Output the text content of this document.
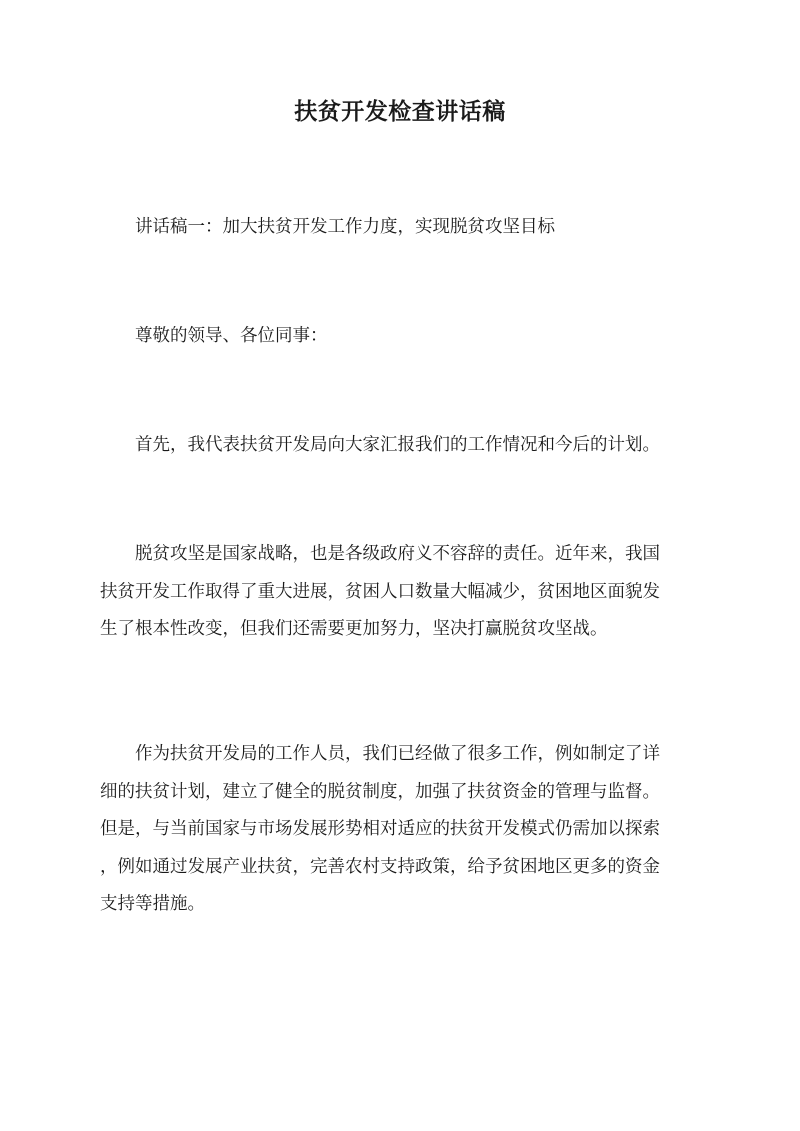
扶贫开发检查讲话稿

讲话稿一：加大扶贫开发工作力度，实现脱贫攻坚目标

尊敬的领导、各位同事：

首先，我代表扶贫开发局向大家汇报我们的工作情况和今后的计划。

脱贫攻坚是国家战略，也是各级政府义不容辞的责任。近年来，我国
扶贫开发工作取得了重大进展，贫困人口数量大幅减少，贫困地区面貌发
生了根本性改变，但我们还需要更加努力，坚决打赢脱贫攻坚战。

作为扶贫开发局的工作人员，我们已经做了很多工作，例如制定了详
细的扶贫计划，建立了健全的脱贫制度，加强了扶贫资金的管理与监督。
但是，与当前国家与市场发展形势相对适应的扶贫开发模式仍需加以探索
，例如通过发展产业扶贫，完善农村支持政策，给予贫困地区更多的资金
支持等措施。
